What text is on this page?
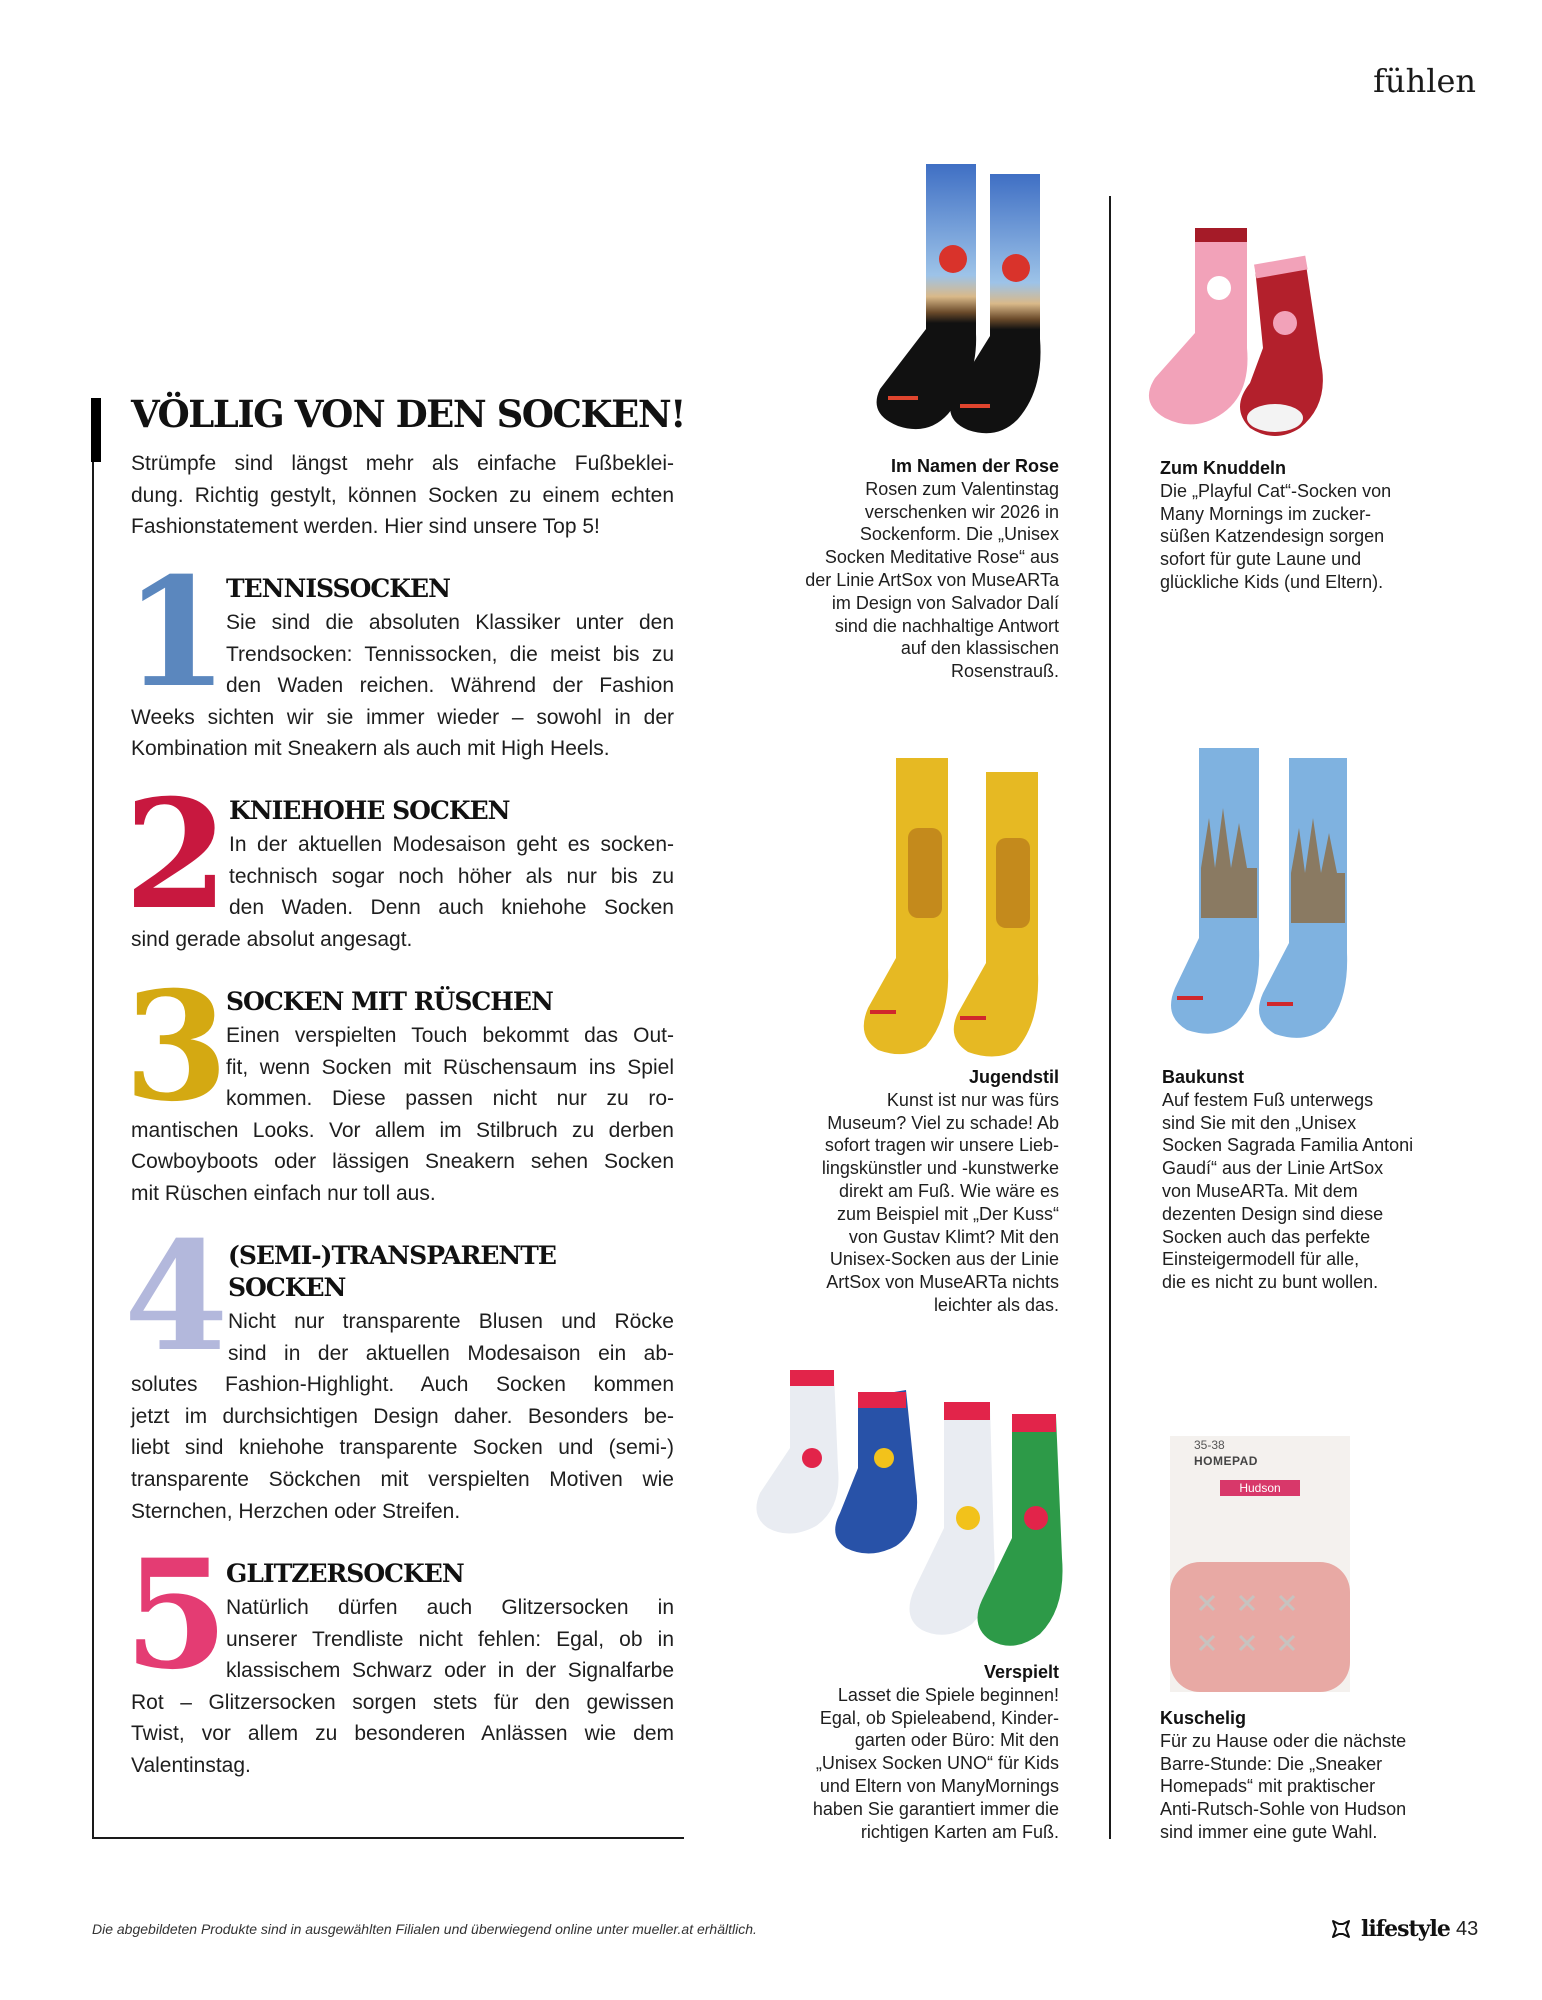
fühlen
VÖLLIG VON DEN SOCKEN!
Strümpfe sind längst mehr als einfache Fußbeklei-
dung. Richtig gestylt, können Socken zu einem echten
Fashionstatement werden. Hier sind unsere Top 5!
1
TENNISSOCKEN
Sie sind die absoluten Klassiker unter den
Trendsocken: Tennissocken, die meist bis zu
den Waden reichen. Während der Fashion
Weeks sichten wir sie immer wieder – sowohl in der
Kombination mit Sneakern als auch mit High Heels.
2 KNIEHOHE SOCKEN
In der aktuellen Modesaison geht es socken-
technisch sogar noch höher als nur bis zu
den Waden. Denn auch kniehohe Socken
sind gerade absolut angesagt.
3
SOCKEN MIT RÜSCHEN
Einen verspielten Touch bekommt das Out-
fit, wenn Socken mit Rüschensaum ins Spiel
kommen. Diese passen nicht nur zu ro-
mantischen Looks. Vor allem im Stilbruch zu derben
Cowboyboots oder lässigen Sneakern sehen Socken
mit Rüschen einfach nur toll aus.
4 (SEMI-)TRANSPARENTE
SOCKEN
Nicht nur transparente Blusen und Röcke
sind in der aktuellen Modesaison ein ab-
solutes Fashion-Highlight. Auch Socken kommen
jetzt im durchsichtigen Design daher. Besonders be-
liebt sind kniehohe transparente Socken und (semi-)
transparente Söckchen mit verspielten Motiven wie
Sternchen, Herzchen oder Streifen.
5
GLITZERSOCKEN
Natürlich dürfen auch Glitzersocken in
unserer Trendliste nicht fehlen: Egal, ob in
klassischem Schwarz oder in der Signalfarbe
Rot – Glitzersocken sorgen stets für den gewissen
Twist, vor allem zu besonderen Anlässen wie dem
Valentinstag.
35-38
HOMEPAD
Hudson
Im Namen der Rose
Rosen zum Valentinstag
verschenken wir 2026 in
Sockenform. Die „Unisex
Socken Meditative Rose“ aus
der Linie ArtSox von MuseARTa
im Design von Salvador Dalí
sind die nachhaltige Antwort
auf den klassischen
Rosenstrauß.
Zum Knuddeln
Die „Playful Cat“-Socken von
Many Mornings im zucker-
süßen Katzendesign sorgen
sofort für gute Laune und
glückliche Kids (und Eltern).
Jugendstil
Kunst ist nur was fürs
Museum? Viel zu schade! Ab
sofort tragen wir unsere Lieb-
lingskünstler und -kunstwerke
direkt am Fuß. Wie wäre es
zum Beispiel mit „Der Kuss“
von Gustav Klimt? Mit den
Unisex-Socken aus der Linie
ArtSox von MuseARTa nichts
leichter als das.
Baukunst
Auf festem Fuß unterwegs
sind Sie mit den „Unisex
Socken Sagrada Familia Antoni
Gaudí“ aus der Linie ArtSox
von MuseARTa. Mit dem
dezenten Design sind diese
Socken auch das perfekte
Einsteigermodell für alle,
die es nicht zu bunt wollen.
Verspielt
Lasset die Spiele beginnen!
Egal, ob Spieleabend, Kinder-
garten oder Büro: Mit den
„Unisex Socken UNO“ für Kids
und Eltern von ManyMornings
haben Sie garantiert immer die
richtigen Karten am Fuß.
Kuschelig
Für zu Hause oder die nächste
Barre-Stunde: Die „Sneaker
Homepads“ mit praktischer
Anti-Rutsch-Sohle von Hudson
sind immer eine gute Wahl.
Die abgebildeten Produkte sind in ausgewählten Filialen und überwiegend online unter mueller.at erhältlich.	lifestyle 43
